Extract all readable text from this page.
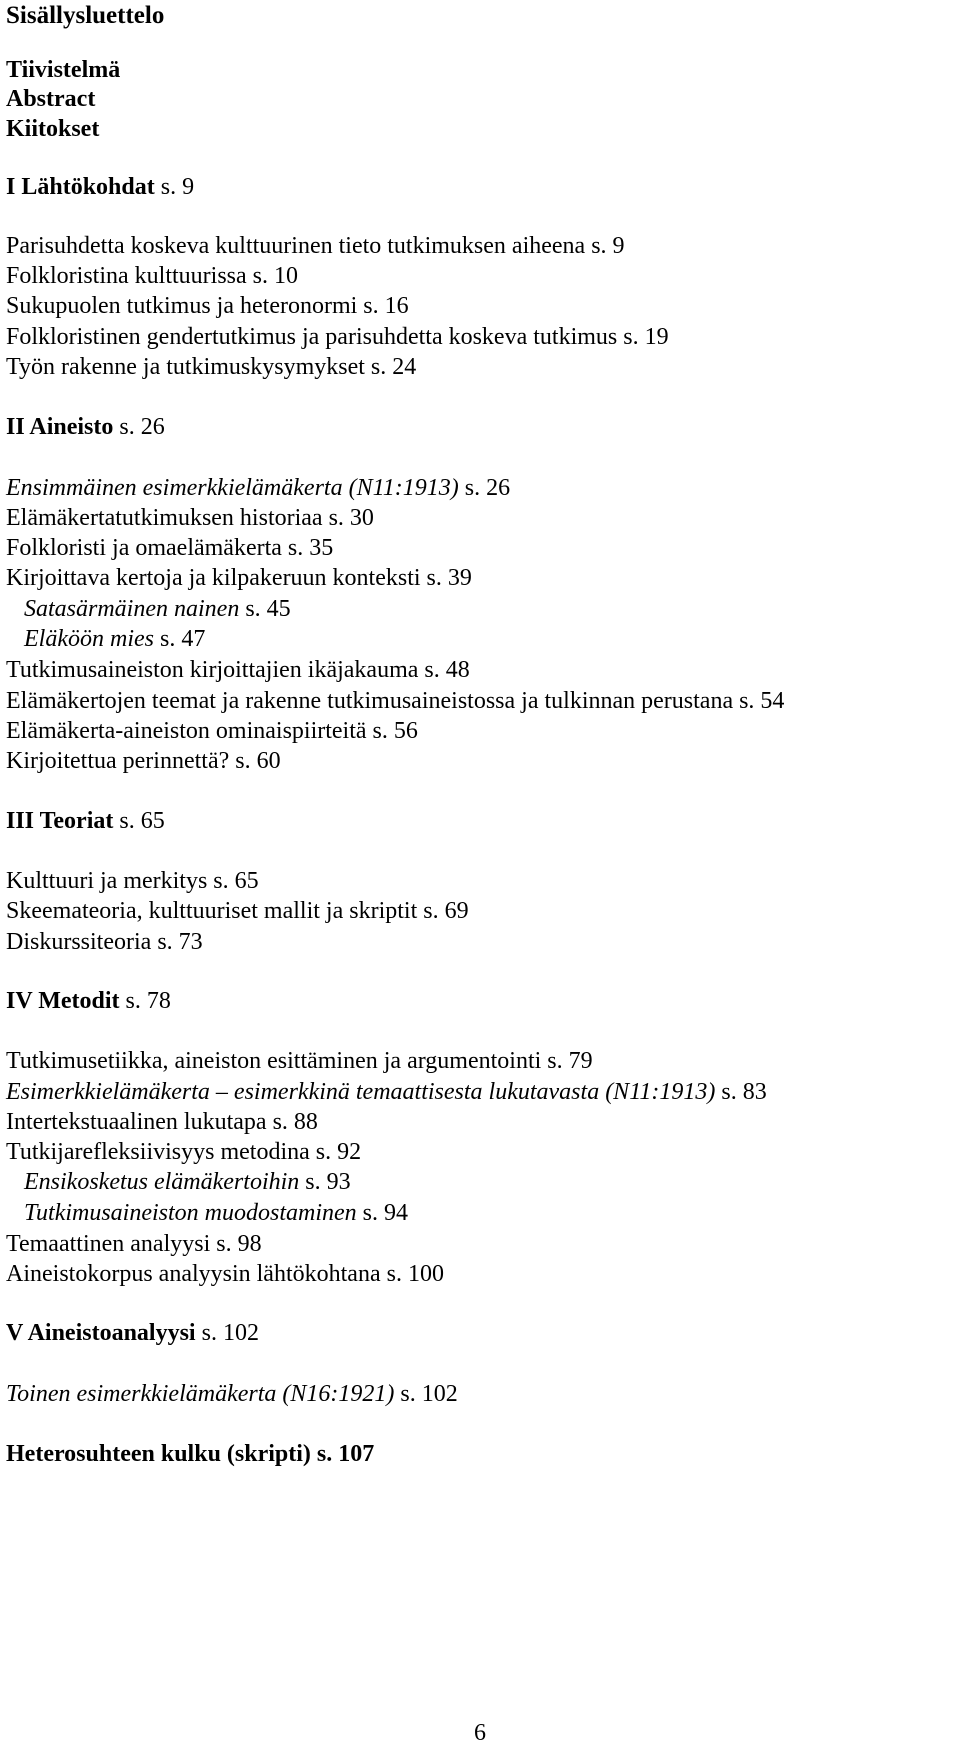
Sisällysluettelo
Tiivistelmä
Abstract
Kiitokset
I Lähtökohdat s. 9
Parisuhdetta koskeva kulttuurinen tieto tutkimuksen aiheena s. 9
Folkloristina kulttuurissa s. 10
Sukupuolen tutkimus ja heteronormi s. 16
Folkloristinen gendertutkimus ja parisuhdetta koskeva tutkimus s. 19
Työn rakenne ja tutkimuskysymykset s. 24
II Aineisto s. 26
Ensimmäinen esimerkkielämäkerta (N11:1913) s. 26
Elämäkertatutkimuksen historiaa s. 30
Folkloristi ja omaelämäkerta s. 35
Kirjoittava kertoja ja kilpakeruun konteksti s. 39
Satasärmäinen nainen s. 45
Eläköön mies s. 47
Tutkimusaineiston kirjoittajien ikäjakauma s. 48
Elämäkertojen teemat ja rakenne tutkimusaineistossa ja tulkinnan perustana s. 54
Elämäkerta-aineiston ominaispiirteitä s. 56
Kirjoitettua perinnettä? s. 60
III Teoriat s. 65
Kulttuuri ja merkitys s. 65
Skeemateoria, kulttuuriset mallit ja skriptit s. 69
Diskurssiteoria s. 73
IV Metodit s. 78
Tutkimusetiikka, aineiston esittäminen ja argumentointi s. 79
Esimerkkielämäkerta – esimerkkinä temaattisesta lukutavasta (N11:1913) s. 83
Intertekstuaalinen lukutapa s. 88
Tutkijarefleksiivisyys metodina s. 92
Ensikosketus elämäkertoihin s. 93
Tutkimusaineiston muodostaminen s. 94
Temaattinen analyysi s. 98
Aineistokorpus analyysin lähtökohtana s. 100
V Aineistoanalyysi s. 102
Toinen esimerkkielämäkerta (N16:1921) s. 102
Heterosuhteen kulku (skripti) s. 107
6
